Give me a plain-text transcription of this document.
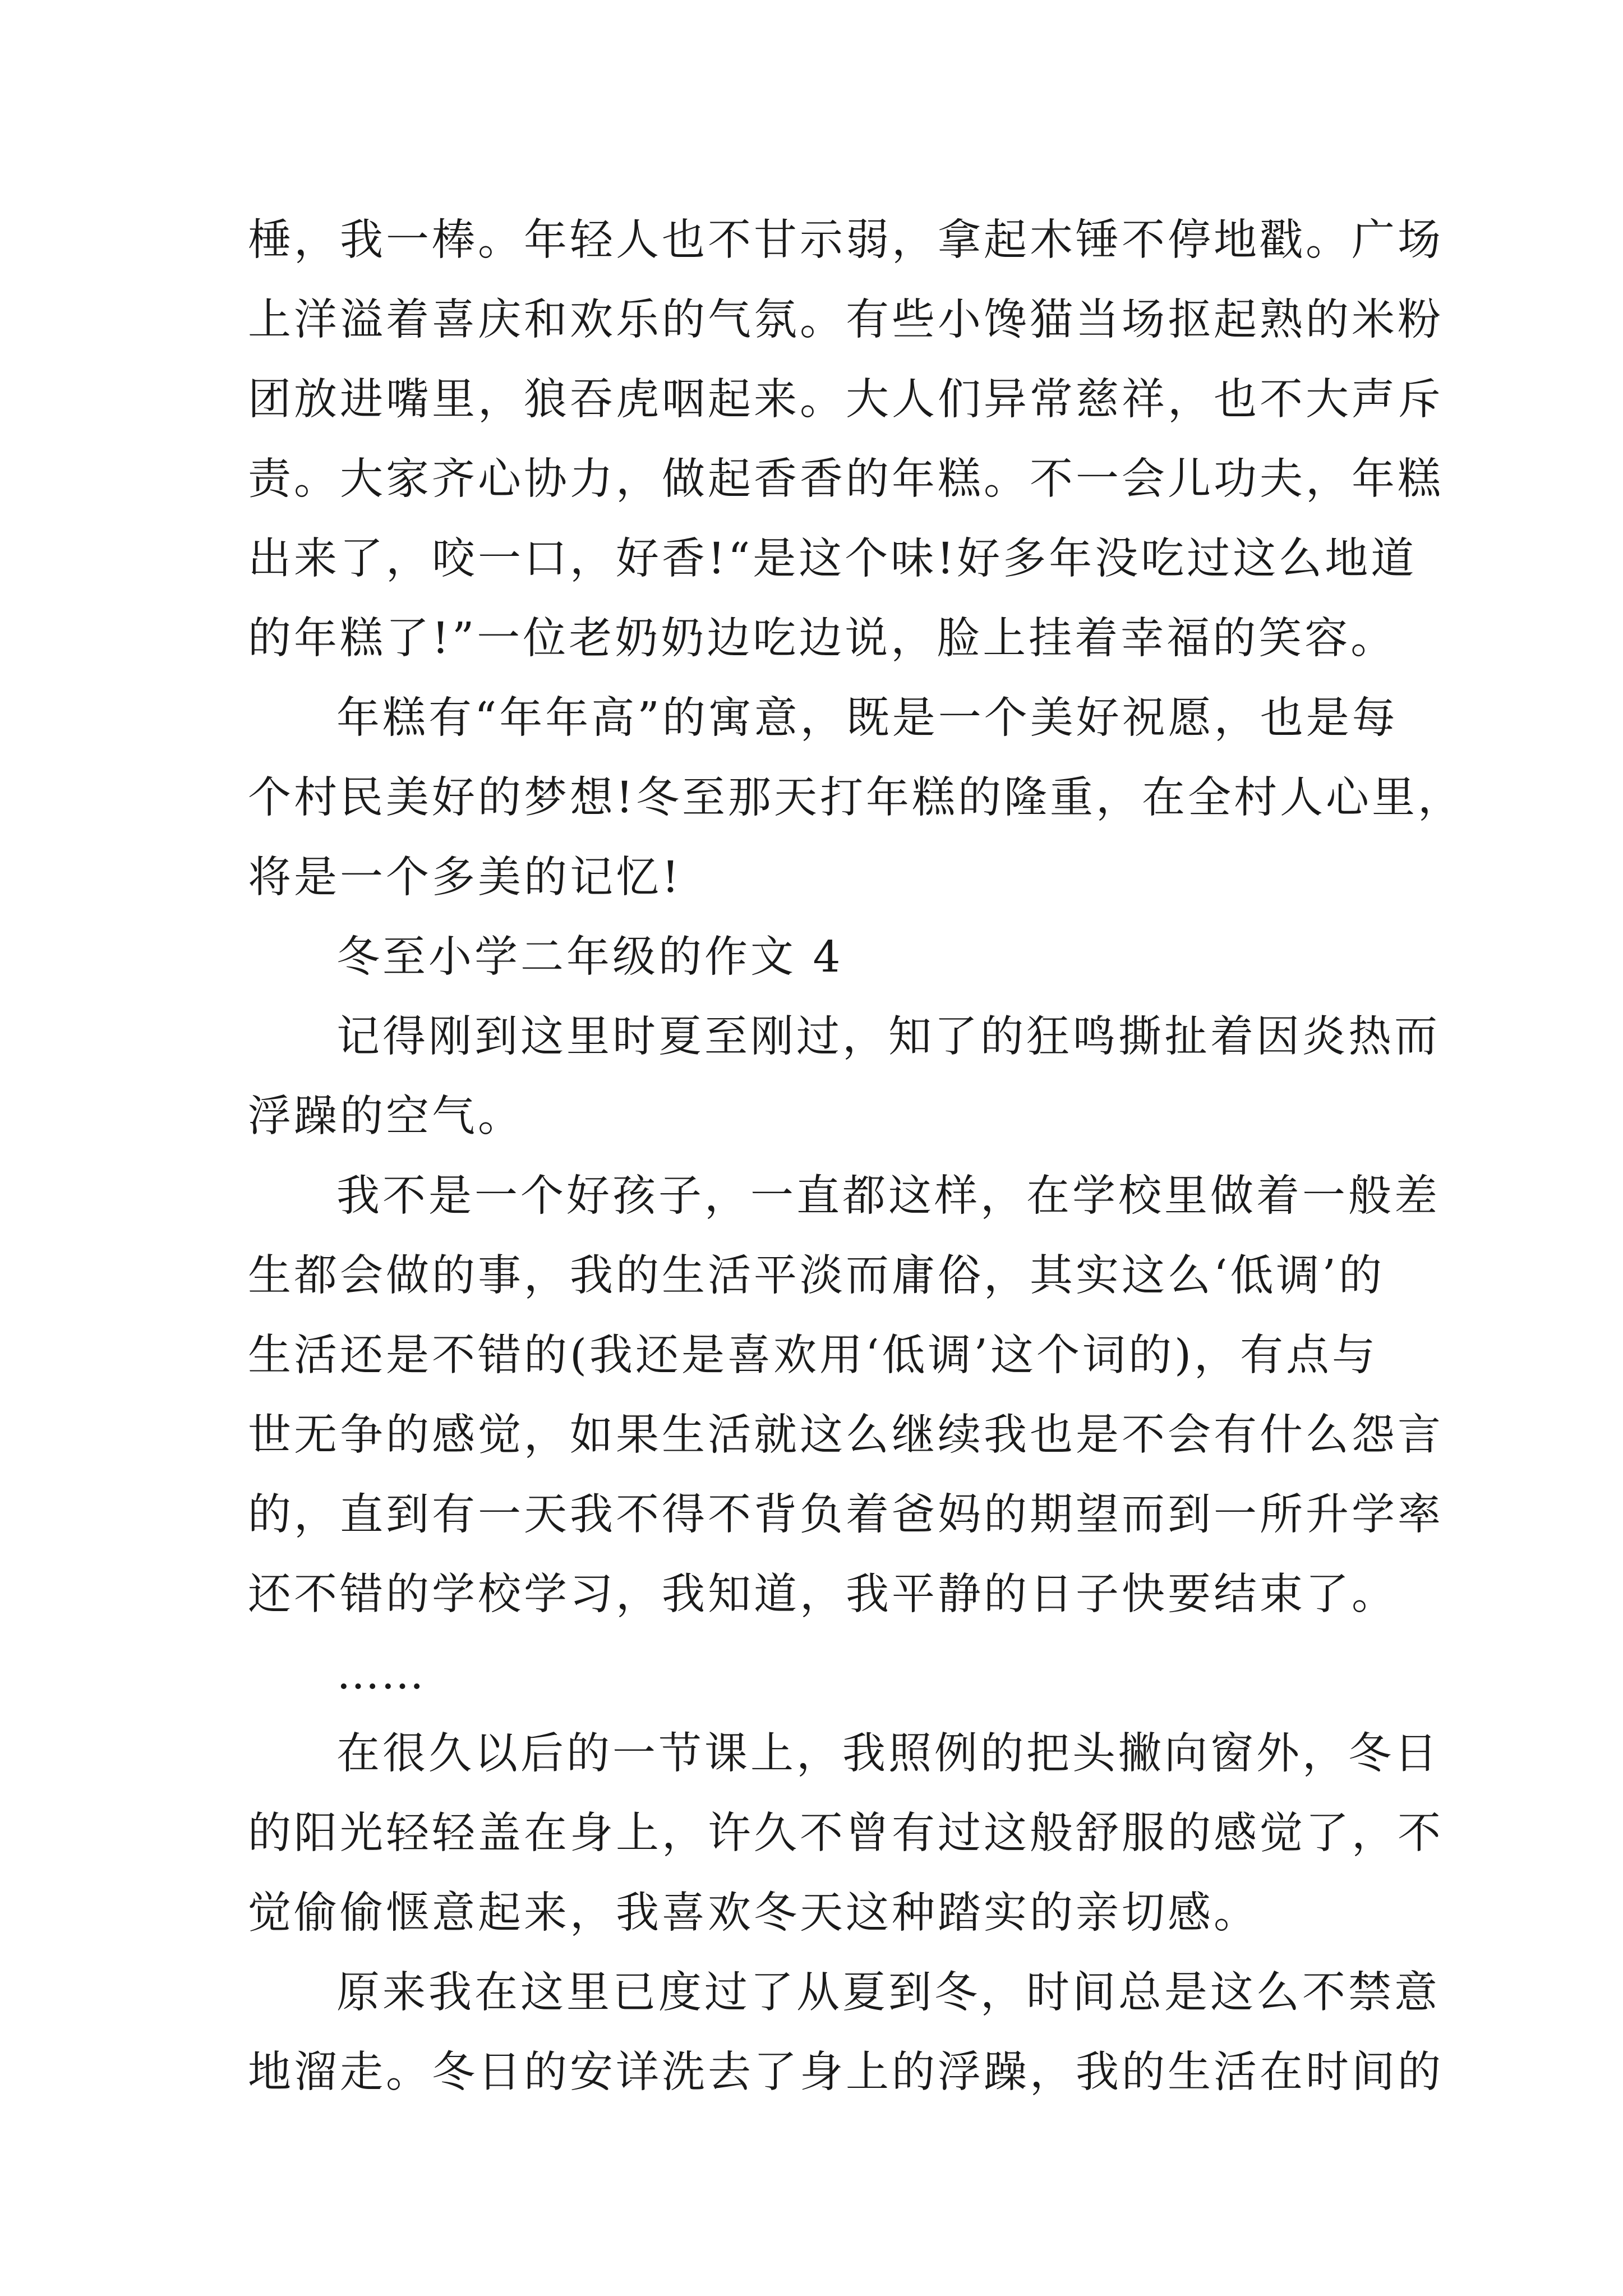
棰，我一棒。年轻人也不甘示弱，拿起木锤不停地戳。广场
上洋溢着喜庆和欢乐的气氛。有些小馋猫当场抠起熟的米粉
团放进嘴里，狼吞虎咽起来。大人们异常慈祥，也不大声斥
责。大家齐心协力，做起香香的年糕。不一会儿功夫，年糕
出来了，咬一口，好香!“是这个味!好多年没吃过这么地道
的年糕了!”一位老奶奶边吃边说，脸上挂着幸福的笑容。
年糕有“年年高”的寓意，既是一个美好祝愿，也是每
个村民美好的梦想!冬至那天打年糕的隆重，在全村人心里，
将是一个多美的记忆!
冬至小学二年级的作文 4
记得刚到这里时夏至刚过，知了的狂鸣撕扯着因炎热而
浮躁的空气。
我不是一个好孩子，一直都这样，在学校里做着一般差
生都会做的事，我的生活平淡而庸俗，其实这么‘低调’的
生活还是不错的(我还是喜欢用‘低调’这个词的)，有点与
世无争的感觉，如果生活就这么继续我也是不会有什么怨言
的，直到有一天我不得不背负着爸妈的期望而到一所升学率
还不错的学校学习，我知道，我平静的日子快要结束了。
……
在很久以后的一节课上，我照例的把头撇向窗外，冬日
的阳光轻轻盖在身上，许久不曾有过这般舒服的感觉了，不
觉偷偷惬意起来，我喜欢冬天这种踏实的亲切感。
原来我在这里已度过了从夏到冬，时间总是这么不禁意
地溜走。冬日的安详洗去了身上的浮躁，我的生活在时间的
